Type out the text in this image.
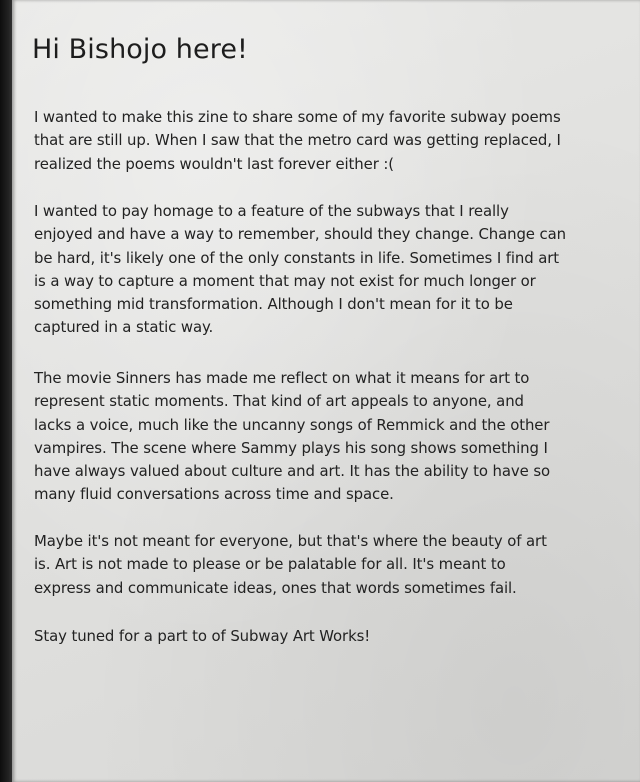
Hi Bishojo here!

I wanted to make this zine to share some of my favorite subway poems
that are still up. When I saw that the metro card was getting replaced, I
realized the poems wouldn't last forever either :(

I wanted to pay homage to a feature of the subways that I really
enjoyed and have a way to remember, should they change. Change can
be hard, it's likely one of the only constants in life. Sometimes I find art
is a way to capture a moment that may not exist for much longer or
something mid transformation. Although I don't mean for it to be
captured in a static way.

The movie Sinners has made me reflect on what it means for art to
represent static moments. That kind of art appeals to anyone, and
lacks a voice, much like the uncanny songs of Remmick and the other
vampires. The scene where Sammy plays his song shows something I
have always valued about culture and art. It has the ability to have so
many fluid conversations across time and space.

Maybe it's not meant for everyone, but that's where the beauty of art
is. Art is not made to please or be palatable for all. It's meant to
express and communicate ideas, ones that words sometimes fail.

Stay tuned for a part to of Subway Art Works!
